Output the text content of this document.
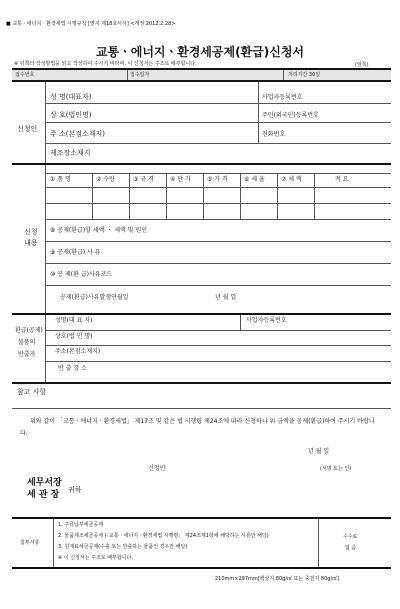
■ 교통ㆍ에너지ㆍ환경세법 시행규칙 [별지 제18호서식] <개정 2012.2.28>
교통ㆍ에너지ㆍ환경세공제(환급)신청서
※ 뒤쪽의 작성방법을 읽고 작성하여 주시기 바라며, 이 신청서는 주조로 배부합니다.	(앞쪽)
접수번호	접수일자	처리기간 30일
신청인
성 명(대표자)	사업자등록번호
상 호(법인명)	주민(외국인)등록번호
주 소(본점소재지)	전화번호
제조장소재지
신청
내용
① 품 명	② 수량	③ 규 격	④ 단 가	⑤ 가 격	⑥ 세 율	⑦ 세 액	적 요
⑧ 공제(환급)할 세액 ・ 세액 및 원인
⑨ 공제(환급) 사 유
⑩ 공 제(환 급)사유코드
공제(환급)사유발생연월일	년 월 일
환급(공제)
물품의
반출자
성명(대 표 자)	사업자등록번호
상호(법 인 명)
주소(본점소재지)
반 출 장 소
참고 사항
위와 같이 「교통ㆍ에너지ㆍ환경세법」 제17조 및 같은 법 시행령 제24조에 따라 신청하니 위 금액을 공제(환급)하여 주시기 바랍니다.
년 월 일
신청인	(서명 또는 인)
세무서장
세 관 장 귀하
첨부서류
1. 주류납부세금공제
2. 물품제조세금공제 (「교통ㆍ에너지ㆍ환경세법 시행령」 제24조제1항에 해당하는 서류만 해당)
3. 원재료세금공제(수출 또는 반출하는 물품인 경우만 해당)
※ 이 신청서는 주조로 배부합니다.
수수료
없 음
210mm×297mm[백상지 80g/㎡ 또는 중질지 80g/㎡]
